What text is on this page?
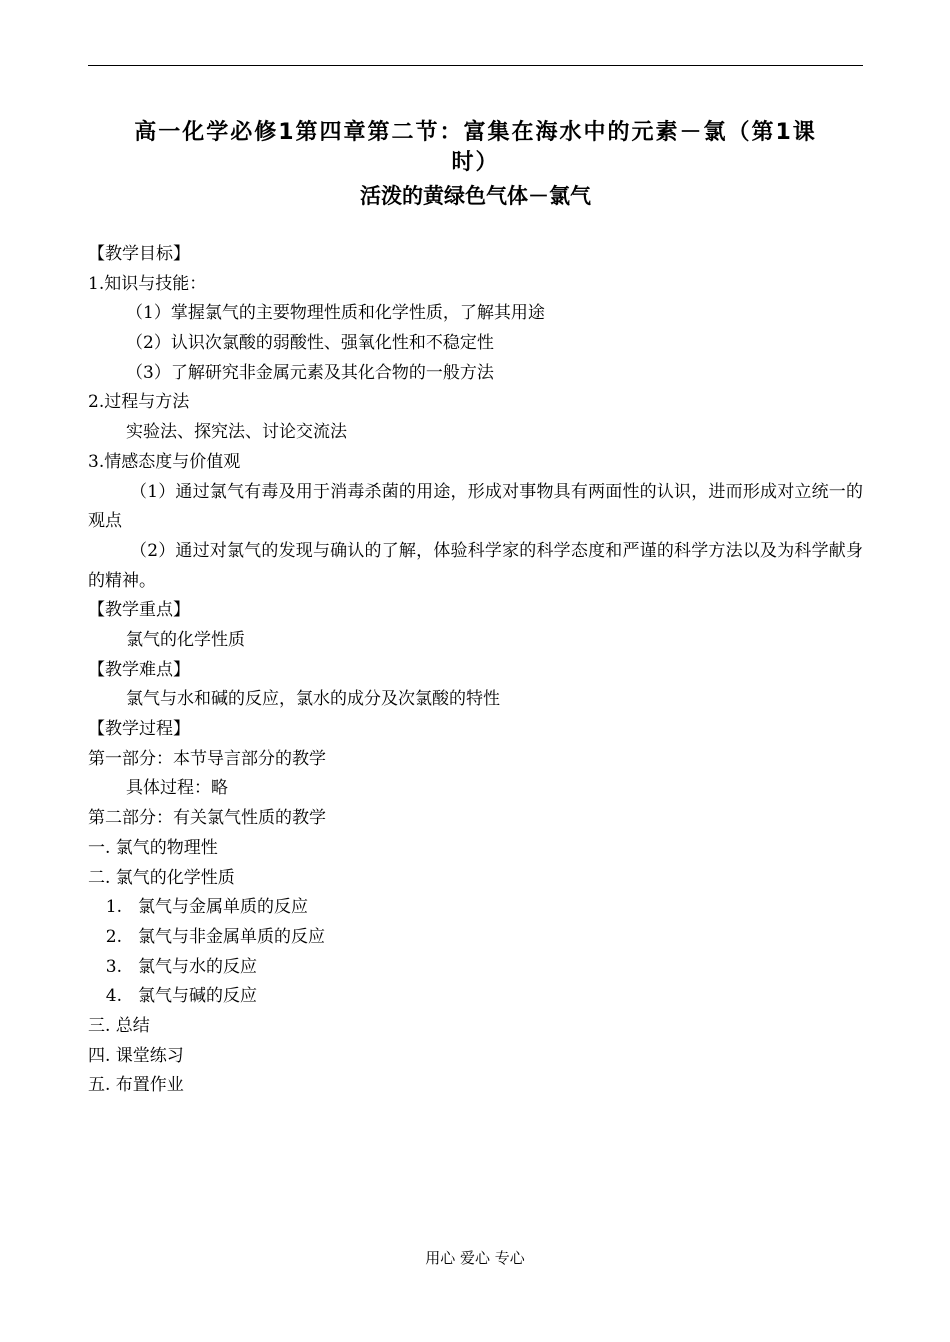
高一化学必修1第四章第二节：富集在海水中的元素－氯（第1课
时）
活泼的黄绿色气体－氯气
【教学目标】
1.知识与技能：
（1）掌握氯气的主要物理性质和化学性质，了解其用途
（2）认识次氯酸的弱酸性、强氧化性和不稳定性
（3）了解研究非金属元素及其化合物的一般方法
2.过程与方法
实验法、探究法、讨论交流法
3.情感态度与价值观
（1）通过氯气有毒及用于消毒杀菌的用途，形成对事物具有两面性的认识，进而形成对立统一的观点
（2）通过对氯气的发现与确认的了解，体验科学家的科学态度和严谨的科学方法以及为科学献身的精神。
【教学重点】
氯气的化学性质
【教学难点】
氯气与水和碱的反应，氯水的成分及次氯酸的特性
【教学过程】
第一部分：本节导言部分的教学
具体过程：略
第二部分：有关氯气性质的教学
一. 氯气的物理性
二. 氯气的化学性质
1. 氯气与金属单质的反应
2. 氯气与非金属单质的反应
3. 氯气与水的反应
4. 氯气与碱的反应
三. 总结
四. 课堂练习
五. 布置作业
用心 爱心 专心
